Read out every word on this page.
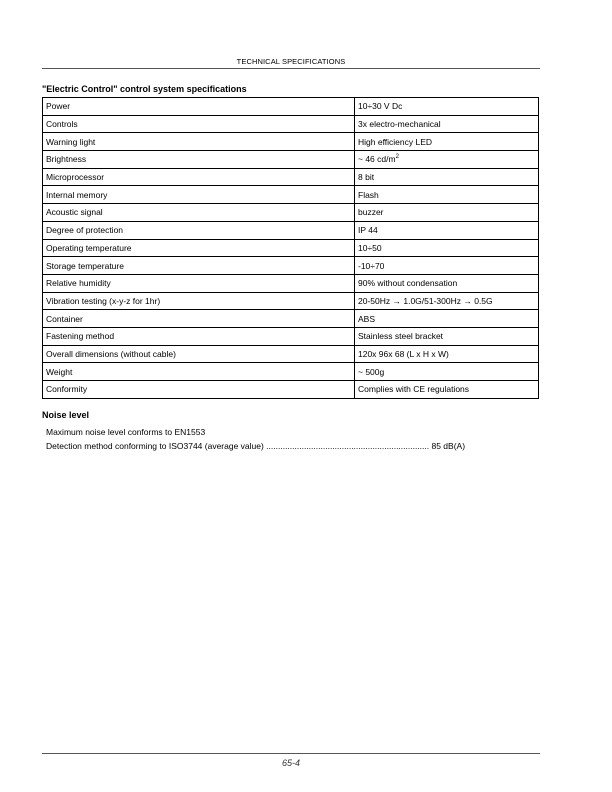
TECHNICAL SPECIFICATIONS
"Electric Control" control system specifications
Power	10÷30 V Dc
Controls	3x electro-mechanical
Warning light	High efficiency LED
Brightness	~ 46 $cd/m^2$
Microprocessor	8 bit
Internal memory	Flash
Acoustic signal	buzzer
Degree of protection	IP 44
Operating temperature	10÷50
Storage temperature	-10÷70
Relative humidity	90% without condensation
Vibration testing (x-y-z for 1hr)	20-50Hz → 1.0G/51-300Hz → 0.5G
Container	ABS
Fastening method	Stainless steel bracket
Overall dimensions (without cable)	120x 96x 68 (L x H x W)
Weight	~ 500g
Conformity	Complies with CE regulations
Noise level
Maximum noise level conforms to EN1553
Detection method conforming to ISO3744 (average value) ..................................................................... 85 dB(A)
65-4
